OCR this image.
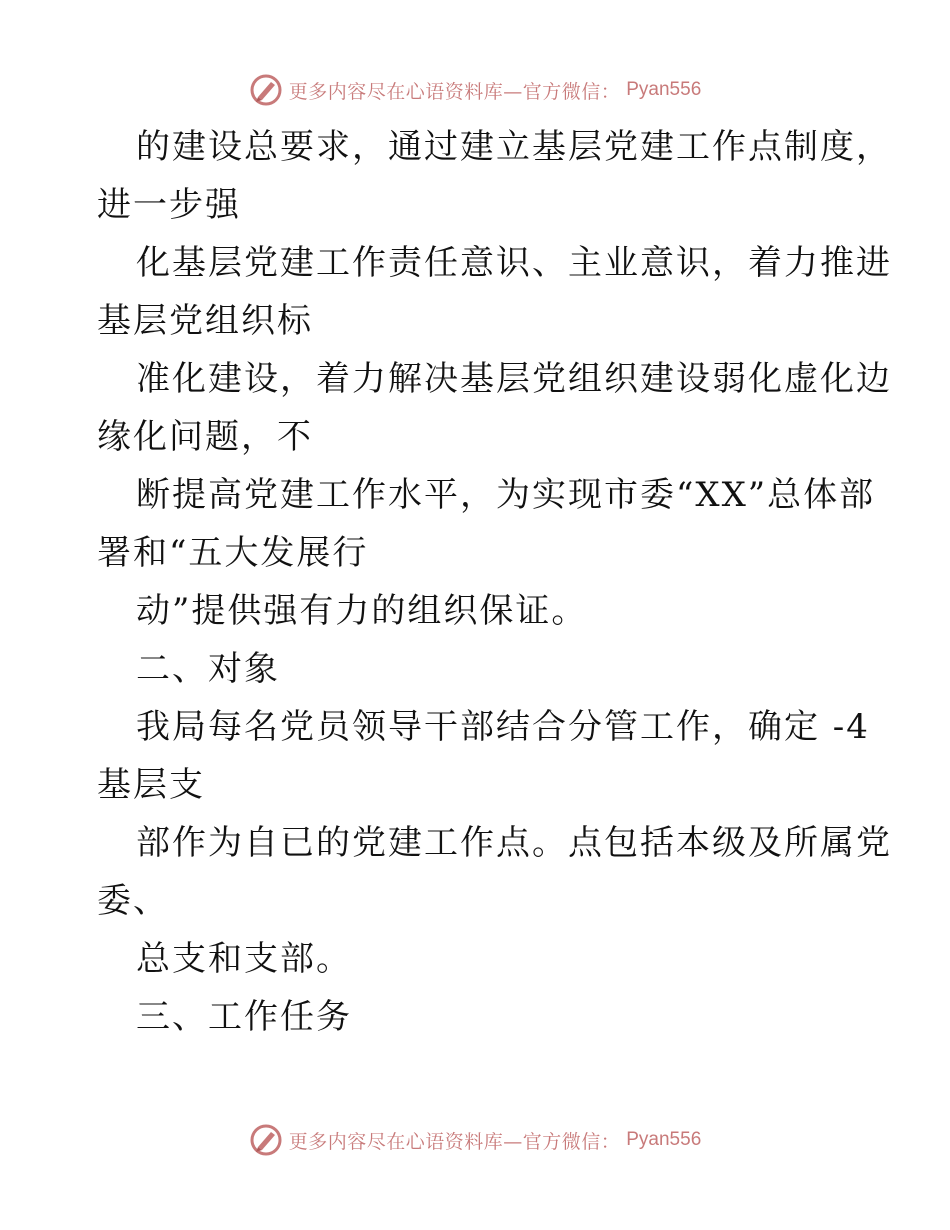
更多内容尽在心语资料库—官方微信： Pyan556
的建设总要求，通过建立基层党建工作点制度，
进一步强
化基层党建工作责任意识、主业意识，着力推进
基层党组织标
准化建设，着力解决基层党组织建设弱化虚化边
缘化问题，不
断提高党建工作水平，为实现市委“XX”总体部
署和“五大发展行
动”提供强有力的组织保证。
二、对象
我局每名党员领导干部结合分管工作，确定 -4
基层支
部作为自已的党建工作点。点包括本级及所属党
委、
总支和支部。
三、工作任务
更多内容尽在心语资料库—官方微信： Pyan556
